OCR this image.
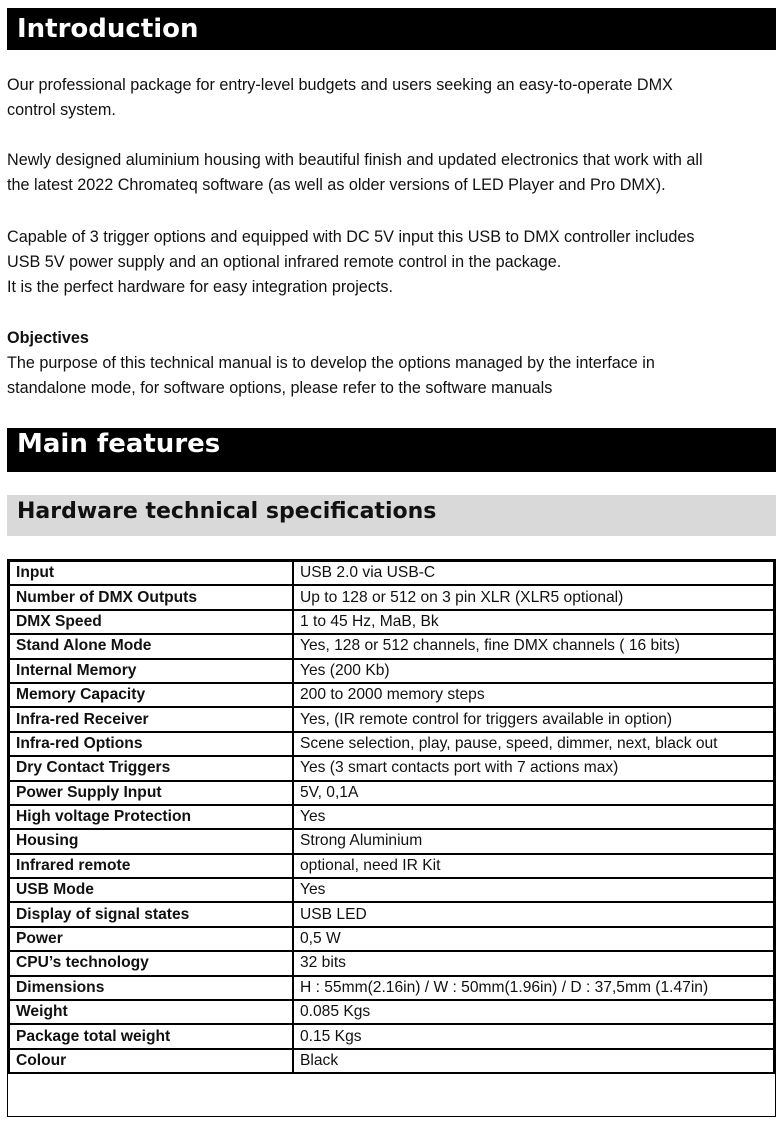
Introduction

Our professional package for entry-level budgets and users seeking an easy-to-operate DMX
control system.

Newly designed aluminium housing with beautiful finish and updated electronics that work with all
the latest 2022 Chromateq software (as well as older versions of LED Player and Pro DMX).

Capable of 3 trigger options and equipped with DC 5V input this USB to DMX controller includes
USB 5V power supply and an optional infrared remote control in the package.
It is the perfect hardware for easy integration projects.

Objectives
The purpose of this technical manual is to develop the options managed by the interface in
standalone mode, for software options, please refer to the software manuals

Main features
Hardware technical specifications
Input	USB 2.0 via USB-C
Number of DMX Outputs	Up to 128 or 512 on 3 pin XLR (XLR5 optional)
DMX Speed	1 to 45 Hz, MaB, Bk
Stand Alone Mode	Yes, 128 or 512 channels, fine DMX channels ( 16 bits)
Internal Memory	Yes (200 Kb)
Memory Capacity	200 to 2000 memory steps
Infra-red Receiver	Yes, (IR remote control for triggers available in option)
Infra-red Options	Scene selection, play, pause, speed, dimmer, next, black out
Dry Contact Triggers	Yes (3 smart contacts port with 7 actions max)
Power Supply Input	5V, 0,1A
High voltage Protection	Yes
Housing	Strong Aluminium
Infrared remote	optional, need IR Kit
USB Mode	Yes
Display of signal states	USB LED
Power	0,5 W
CPU’s technology	32 bits
Dimensions	H : 55mm(2.16in) / W : 50mm(1.96in) / D : 37,5mm (1.47in)
Weight	0.085 Kgs
Package total weight	0.15 Kgs
Colour	Black
